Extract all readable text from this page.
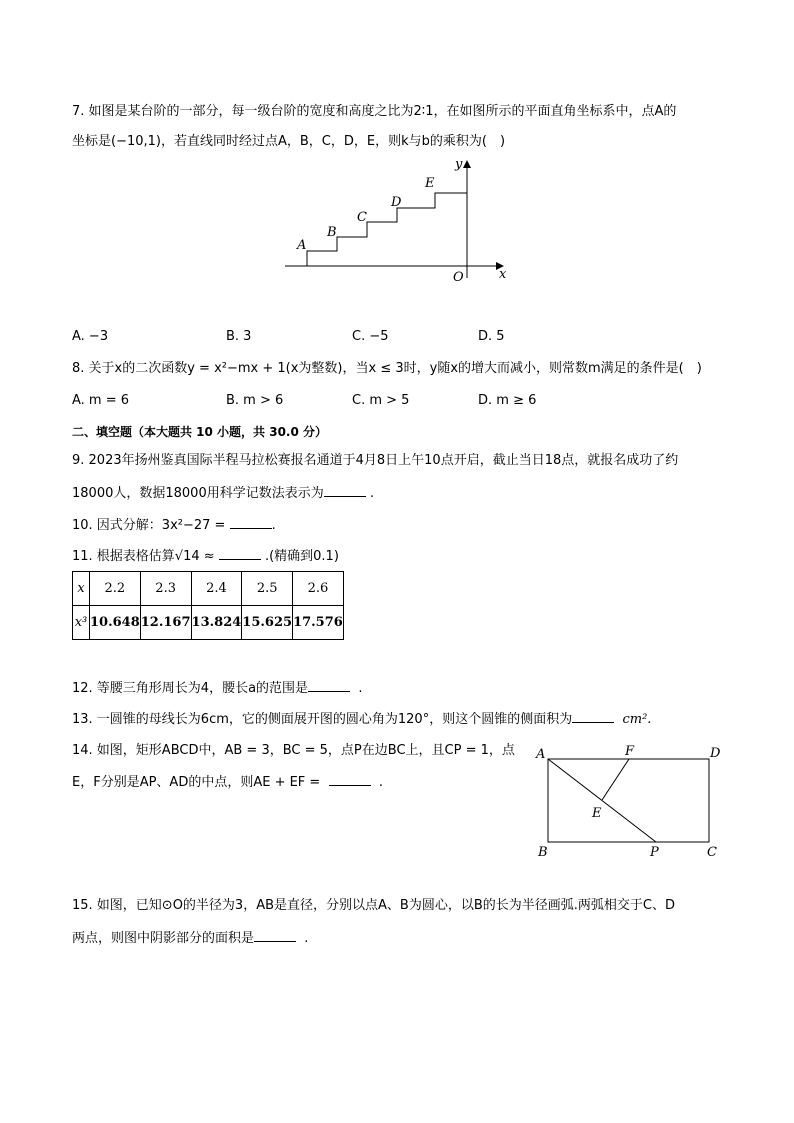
7. 如图是某台阶的一部分，每一级台阶的宽度和高度之比为2∶1，在如图所示的平面直角坐标系中，点A的
坐标是(−10,1)，若直线同时经过点A，B，C，D，E，则k与b的乘积为(　)
A
B
C
D
E
O	x
y
A. −3	B. 3	C. −5	D. 5
8. 关于x的二次函数y = x²−mx + 1(x为整数)，当x ≤ 3时，y随x的增大而减小，则常数m满足的条件是(　)
A. m = 6	B. m > 6	C. m > 5	D. m ≥ 6
二、填空题（本大题共 10 小题，共 30.0 分）
9. 2023年扬州鉴真国际半程马拉松赛报名通道于4月8日上午10点开启，截止当日18点，就报名成功了约
18000人，数据18000用科学记数法表示为	.
10. 因式分解：3x²−27 =	.
11. 根据表格估算√14 ≈	.(精确到0.1)
x	2.2	2.3	2.4	2.5	2.6
x³	10.648	12.167	13.824	15.625	17.576
12. 等腰三角形周长为4，腰长a的范围是	.
13. 一圆锥的母线长为6cm，它的侧面展开图的圆心角为120°，则这个圆锥的侧面积为	cm².
14. 如图，矩形ABCD中，AB = 3，BC = 5，点P在边BC上，且CP = 1，点
E，F分别是AP、AD的中点，则AE + EF =	.
A	F	D
E
B	P	C
15. 如图，已知⊙O的半径为3，AB是直径，分别以点A、B为圆心，以B的长为半径画弧.两弧相交于C、D
两点，则图中阴影部分的面积是	.
